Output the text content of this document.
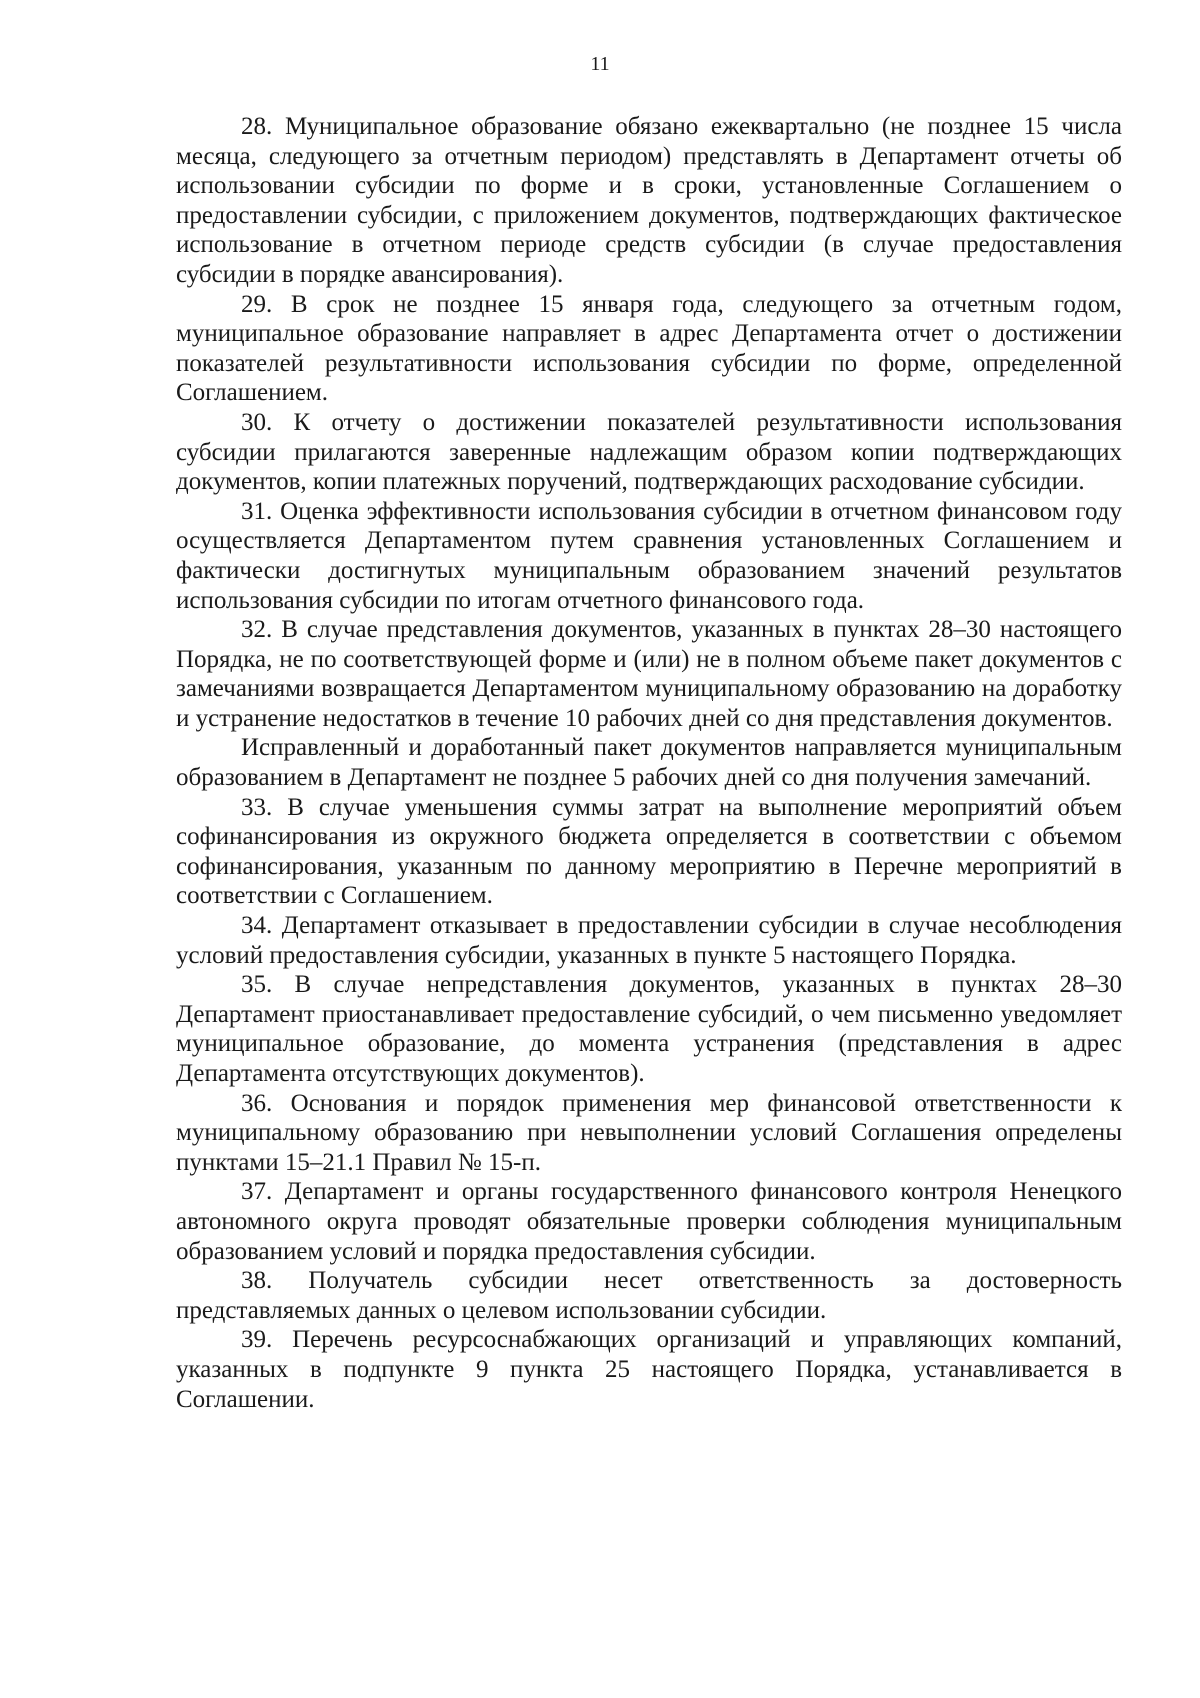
11

28. Муниципальное образование обязано ежеквартально (не позднее 15 числа месяца, следующего за отчетным периодом) представлять в Департамент отчеты об использовании субсидии по форме и в сроки, установленные Соглашением о предоставлении субсидии, с приложением документов, подтверждающих фактическое использование в отчетном периоде средств субсидии (в случае предоставления субсидии в порядке авансирования).

29. В срок не позднее 15 января года, следующего за отчетным годом, муниципальное образование направляет в адрес Департамента отчет о достижении показателей результативности использования субсидии по форме, определенной Соглашением.

30. К отчету о достижении показателей результативности использования субсидии прилагаются заверенные надлежащим образом копии подтверждающих документов, копии платежных поручений, подтверждающих расходование субсидии.

31. Оценка эффективности использования субсидии в отчетном финансовом году осуществляется Департаментом путем сравнения установленных Соглашением и фактически достигнутых муниципальным образованием значений результатов использования субсидии по итогам отчетного финансового года.

32. В случае представления документов, указанных в пунктах 28–30 настоящего Порядка, не по соответствующей форме и (или) не в полном объеме пакет документов с замечаниями возвращается Департаментом муниципальному образованию на доработку и устранение недостатков в течение 10 рабочих дней со дня представления документов.

Исправленный и доработанный пакет документов направляется муниципальным образованием в Департамент не позднее 5 рабочих дней со дня получения замечаний.

33. В случае уменьшения суммы затрат на выполнение мероприятий объем софинансирования из окружного бюджета определяется в соответствии с объемом софинансирования, указанным по данному мероприятию в Перечне мероприятий в соответствии с Соглашением.

34. Департамент отказывает в предоставлении субсидии в случае несоблюдения условий предоставления субсидии, указанных в пункте 5 настоящего Порядка.

35. В случае непредставления документов, указанных в пунктах 28–30 Департамент приостанавливает предоставление субсидий, о чем письменно уведомляет муниципальное образование, до момента устранения (представления в адрес Департамента отсутствующих документов).

36. Основания и порядок применения мер финансовой ответственности к муниципальному образованию при невыполнении условий Соглашения определены пунктами 15–21.1 Правил № 15-п.

37. Департамент и органы государственного финансового контроля Ненецкого автономного округа проводят обязательные проверки соблюдения муниципальным образованием условий и порядка предоставления субсидии.

38. Получатель субсидии несет ответственность за достоверность представляемых данных о целевом использовании субсидии.

39. Перечень ресурсоснабжающих организаций и управляющих компаний, указанных в подпункте 9 пункта 25 настоящего Порядка, устанавливается в Соглашении.
